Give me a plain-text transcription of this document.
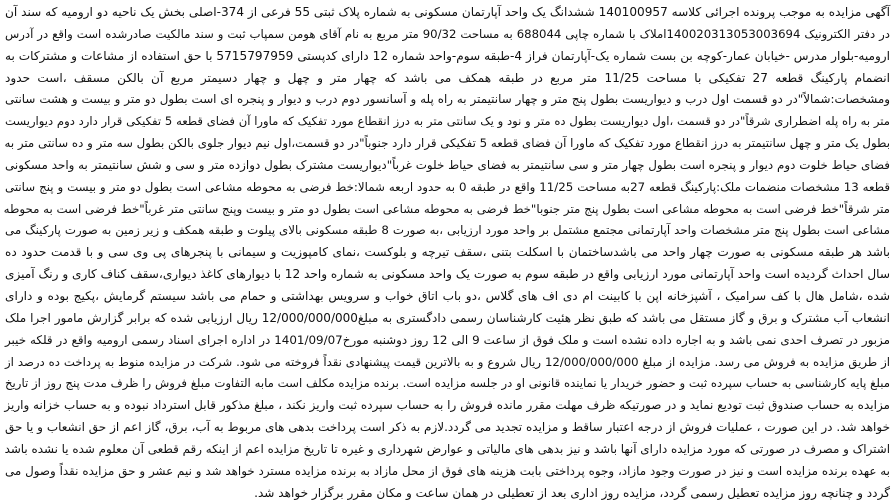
آگهی مزایده به موجب پرونده اجرائی کلاسه 140100957 ششدانگ یک واحد آپارتمان مسکونی به شماره پلاک ثبتی 55 فرعی از 374-اصلی بخش یک ناحیه دو ارومیه که سند آن
در دفتر الکترونیک 140020313053003694املاک با شماره چاپی 688044 به مساحت 90/32 متر مربع به نام آقای هومن سمپاب ثبت و سند مالکیت صادرشده است واقع در آدرس
ارومیه-بلوار مدرس -خیابان عمار-کوچه بن بست شماره یک-آپارتمان فراز 4-طبقه سوم-واحد شماره 12 دارای کدپستی 5715797959 با حق استفاده از مشاعات و مشترکات به
انضمام پارکینگ قطعه 27 تفکیکی با مساحت 11/25 متر مربع در طبقه همکف می باشد که چهار متر و چهل و چهار دسیمتر مربع آن بالکن مسقف ،است حدود
ومشخصات:شمالاً"در دو قسمت اول درب و دیواریست بطول پنج متر و چهار سانتیمتر به راه پله و آسانسور دوم درب و دیوار و پنجره ای است بطول دو متر و بیست و هشت سانتی
متر به راه پله اضطراری شرقاً"در دو قسمت ،اول دیواریست بطول ده متر و نود و یک سانتی متر به درز انقطاع مورد تفکیک که ماورا آن فضای قطعه 5 تفکیکی قرار دارد دوم دیواریست
بطول یک متر و چهل سانتیمتر به درز انقطاع مورد تفکیک که ماورا آن فضای قطعه 5 تفکیکی قرار دارد جنوباً"در دو قسمت،اول نیم دیوار جلوی بالکن بطول سه متر و ده سانتی متر به
فضای حیاط خلوت دوم دیوار و پنجره است بطول چهار متر و سی سانتیمتر به فضای حیاط خلوت غرباً"دیواریست مشترک بطول دوازده متر و سی و شش سانتیمتر به واحد مسکونی
قطعه 13 مشخصات منضمات ملک:پارکینگ قطعه 27به مساحت 11/25 واقع در طبقه 0 به حدود اربعه شمالا:خط فرضی به محوطه مشاعی است بطول دو متر و بیست و پنج سانتی
متر شرقاً"خط فرضی است به محوطه مشاعی است بطول پنج متر جنوبا"خط فرضی به محوطه مشاعی است بطول دو متر و بیست وپنج سانتی متر غرباً"خط فرضی است به محوطه
مشاعی است بطول پنج متر مشخصات واحد آپارتمانی مجتمع مشتمل بر واحد مورد ارزیابی ،به صورت 8 طبقه مسکونی بالای پیلوت و طبقه همکف و زیر زمین به صورت پارکینگ می
باشد هر طبقه مسکونی به صورت چهار واحد می باشدساختمان با اسکلت بتنی ،سقف تیرچه و بلوکست ،نمای کامپوزیت و سیمانی با پنجرهای پی وی سی و با قدمت حدود ده
سال احداث گردیده است واحد آپارتمانی مورد ارزیابی واقع در طبقه سوم به صورت یک واحد مسکونی به شماره واحد 12 با دیوارهای کاغذ دیواری،سقف کناف کاری و رنگ آمیزی
شده ،شامل هال با کف سرامیک ، آشپزخانه اپن با کابینت ام دی اف های گلاس ،دو باب اتاق خواب و سرویس بهداشتی و حمام می باشد سیستم گرمایش ،پکیج بوده و دارای
انشعاب آب مشترک و برق و گاز مستقل می باشد که طبق نظر هئیت کارشناسان رسمی دادگستری به مبلغ12/000/000/000 ریال ارزیابی شده که برابر گزارش مامور اجرا ملک
مزبور در تصرف احدی نمی باشد و به اجاره داده نشده است و ملک فوق از ساعت 9 الی 12 روز دوشنبه مورخ1401/09/07 در اداره اجرای اسناد رسمی ارومیه واقع در قلکه خیبر
از طریق مزایده به فروش می رسد. مزایده از مبلغ 12/000/000/000 ریال شروع و به بالاترین قیمت پیشنهادی نقداً فروخته می شود. شرکت در مزایده منوط به پرداخت ده درصد از
مبلغ پایه کارشناسی به حساب سپرده ثبت و حضور خریدار یا نماینده قانونی او در جلسه مزایده است. برنده مزایده مکلف است مابه التفاوت مبلغ فروش را ظرف مدت پنج روز از تاریخ
مزایده به حساب صندوق ثبت تودیع نماید و در صورتیکه ظرف مهلت مقرر مانده فروش را به حساب سپرده ثبت واریز نکند ، مبلغ مذکور قابل استرداد نبوده و به حساب خزانه واریز
خواهد شد. در این صورت ، عملیات فروش از درجه اعتبار ساقط و مزایده تجدید می گردد.لازم به ذکر است پرداخت بدهی های مربوط به آب، برق، گاز اعم از حق انشعاب و یا حق
اشتراک و مصرف در صورتی که مورد مزایده دارای آنها باشد و نیز بدهی های مالیاتی و عوارض شهرداری و غیره تا تاریخ مزایده اعم از اینکه رقم قطعی آن معلوم شده یا نشده باشد
به عهده برنده مزایده است و نیز در صورت وجود مازاد، وجوه پرداختی بابت هزینه های فوق از محل مازاد به برنده مزایده مسترد خواهد شد و نیم عشر و حق مزایده نقداً وصول می
گردد و چنانچه روز مزایده تعطیل رسمی گردد، مزایده روز اداری بعد از تعطیلی در همان ساعت و مکان مقرر برگزار خواهد شد.
